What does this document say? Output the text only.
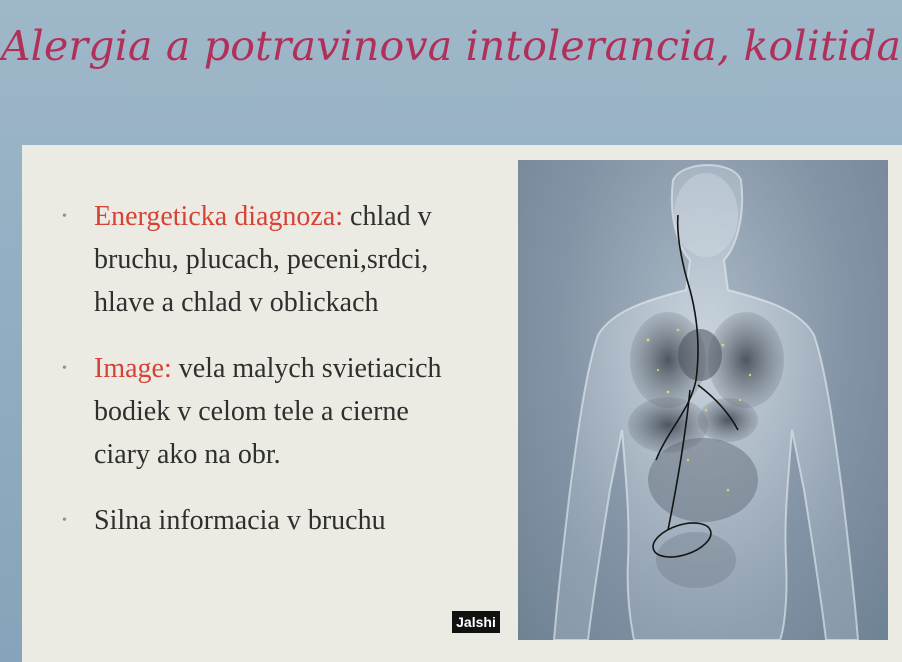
Alergia a potravinova intolerancia, kolitida
• Energeticka diagnoza: chlad v bruchu, plucach, peceni,srdci, hlave a chlad v oblickach
• Image: vela malych svietiacich bodiek v celom tele a cierne ciary ako na obr.
• Silna informacia v bruchu
Jalshi
